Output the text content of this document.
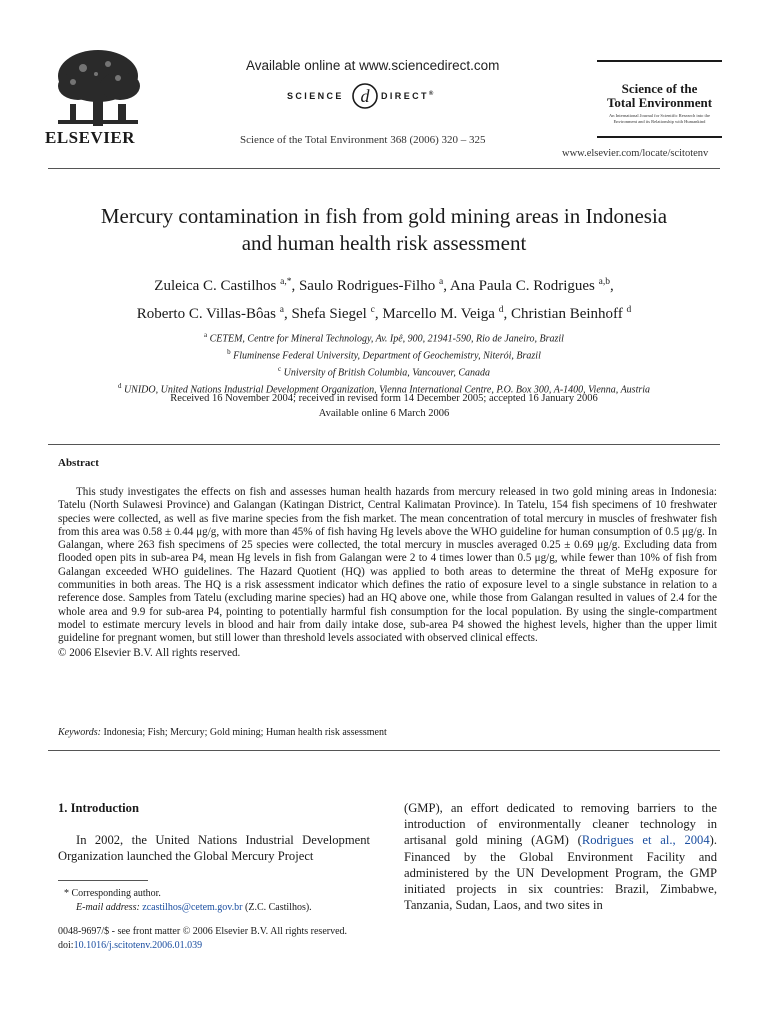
ELSEVIER
Available online at www.sciencedirect.com
SCIENCE d DIRECT®
Science of the Total Environment 368 (2006) 320 – 325
Science of the
Total Environment
An International Journal for Scientific Research into the Environment and its Relationship with Humankind
www.elsevier.com/locate/scitotenv
Mercury contamination in fish from gold mining areas in Indonesia
and human health risk assessment
Zuleica C. Castilhos $^{a,*}$, Saulo Rodrigues-Filho $^a$, Ana Paula C. Rodrigues $^{a,b}$,
Roberto C. Villas-Bôas $^a$, Shefa Siegel $^c$, Marcello M. Veiga $^d$, Christian Beinhoff $^d$
$^a$ CETEM, Centre for Mineral Technology, Av. Ipê, 900, 21941-590, Rio de Janeiro, Brazil
$^b$ Fluminense Federal University, Department of Geochemistry, Niterói, Brazil
$^c$ University of British Columbia, Vancouver, Canada
$^d$ UNIDO, United Nations Industrial Development Organization, Vienna International Centre, P.O. Box 300, A-1400, Vienna, Austria
Received 16 November 2004; received in revised form 14 December 2005; accepted 16 January 2006
Available online 6 March 2006
Abstract

This study investigates the effects on fish and assesses human health hazards from mercury released in two gold mining areas in Indonesia: Tatelu (North Sulawesi Province) and Galangan (Katingan District, Central Kalimatan Province). In Tatelu, 154 fish specimens of 10 freshwater species were collected, as well as five marine species from the fish market. The mean concentration of total mercury in muscles of freshwater fish from this area was 0.58 ± 0.44 μg/g, with more than 45% of fish having Hg levels above the WHO guideline for human consumption of 0.5 μg/g. In Galangan, where 263 fish specimens of 25 species were collected, the total mercury in muscles averaged 0.25 ± 0.69 μg/g. Excluding data from flooded open pits in sub-area P4, mean Hg levels in fish from Galangan were 2 to 4 times lower than 0.5 μg/g, while fewer than 10% of fish from Galangan exceeded WHO guidelines. The Hazard Quotient (HQ) was applied to both areas to determine the threat of MeHg exposure for communities in both areas. The HQ is a risk assessment indicator which defines the ratio of exposure level to a single substance in relation to a reference dose. Samples from Tatelu (excluding marine species) had an HQ above one, while those from Galangan resulted in values of 2.4 for the whole area and 9.9 for sub-area P4, pointing to potentially harmful fish consumption for the local population. By using the single-compartment model to estimate mercury levels in blood and hair from daily intake dose, sub-area P4 showed the highest levels, higher than the upper limit guideline for pregnant women, but still lower than threshold levels associated with observed clinical effects.

© 2006 Elsevier B.V. All rights reserved.
Keywords: Indonesia; Fish; Mercury; Gold mining; Human health risk assessment
1. Introduction

In 2002, the United Nations Industrial Development Organization launched the Global Mercury Project

(GMP), an effort dedicated to removing barriers to the introduction of environmentally cleaner technology in artisanal gold mining (AGM) (Rodrigues et al., 2004). Financed by the Global Environment Facility and administered by the UN Development Program, the GMP initiated projects in six countries: Brazil, Zimbabwe, Tanzania, Sudan, Laos, and two sites in

* Corresponding author.
E-mail address: zcastilhos@cetem.gov.br (Z.C. Castilhos).
0048-9697/$ - see front matter © 2006 Elsevier B.V. All rights reserved.
doi:10.1016/j.scitotenv.2006.01.039
